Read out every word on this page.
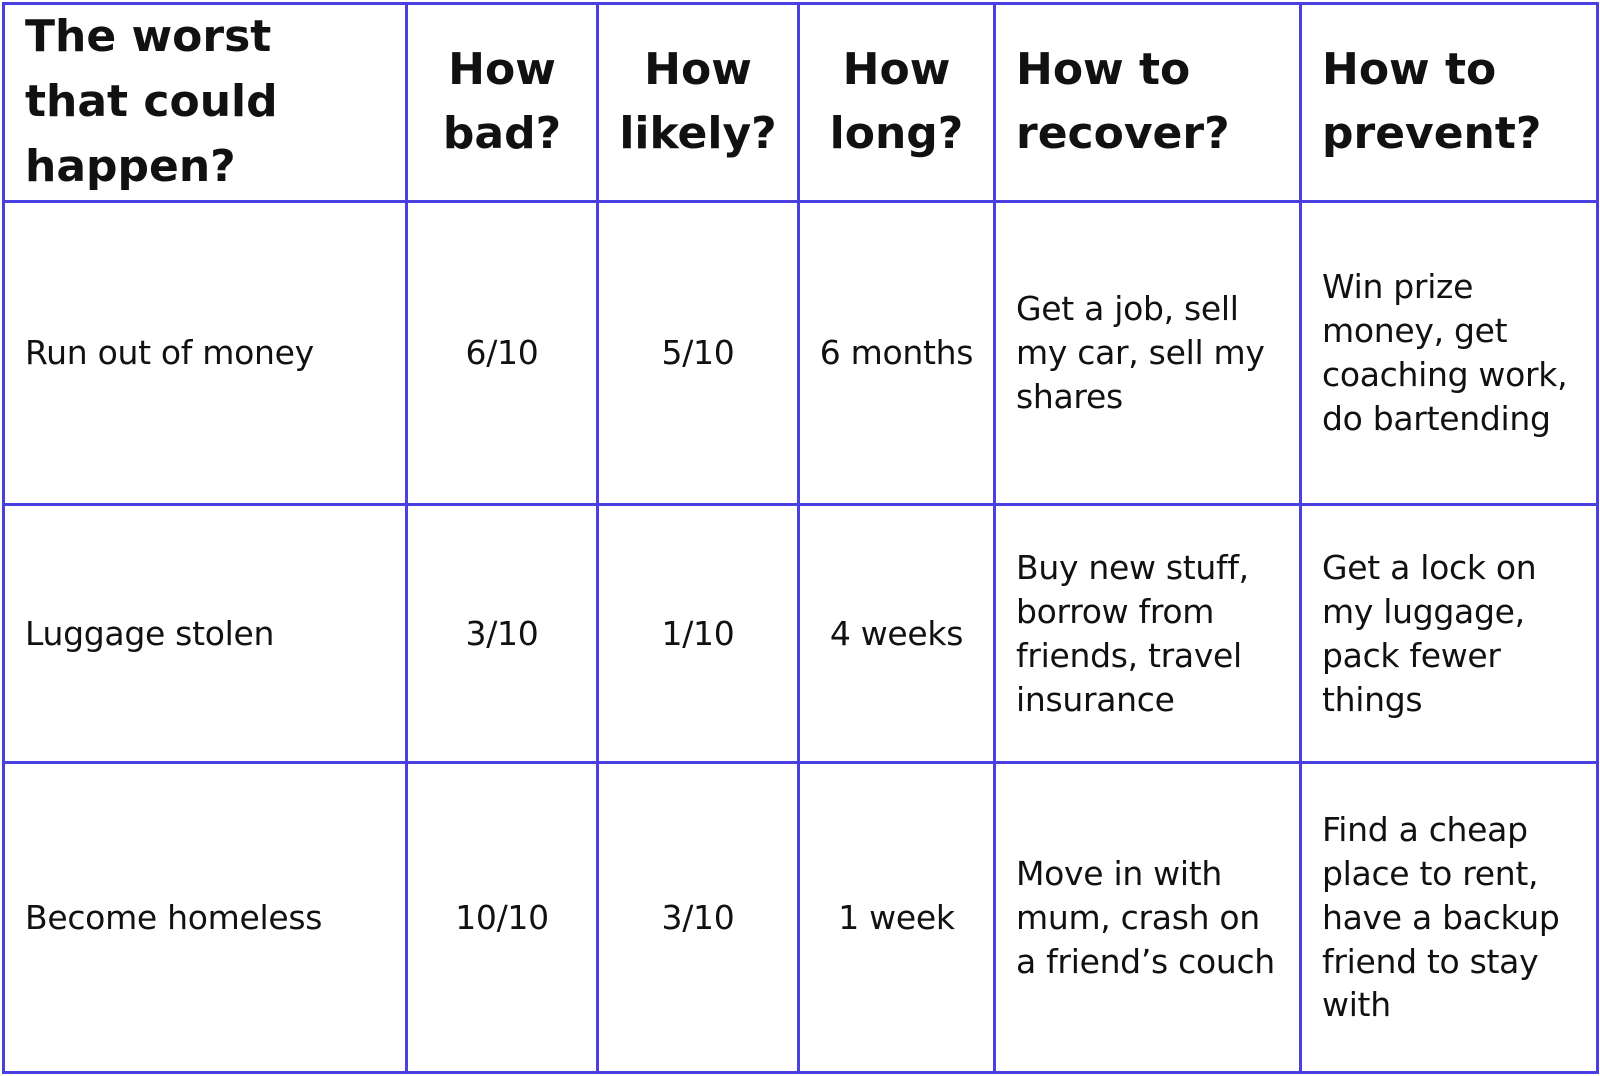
The worst that could happen?	How bad?	How likely?	How long?	How to recover?	How to prevent?
Run out of money	6/10	5/10	6 months	Get a job, sell my car, sell my shares	Win prize money, get coaching work, do bartending
Luggage stolen	3/10	1/10	4 weeks	Buy new stuff, borrow from friends, travel insurance	Get a lock on my luggage, pack fewer things
Become homeless	10/10	3/10	1 week	Move in with mum, crash on a friend’s couch	Find a cheap place to rent, have a backup friend to stay with
